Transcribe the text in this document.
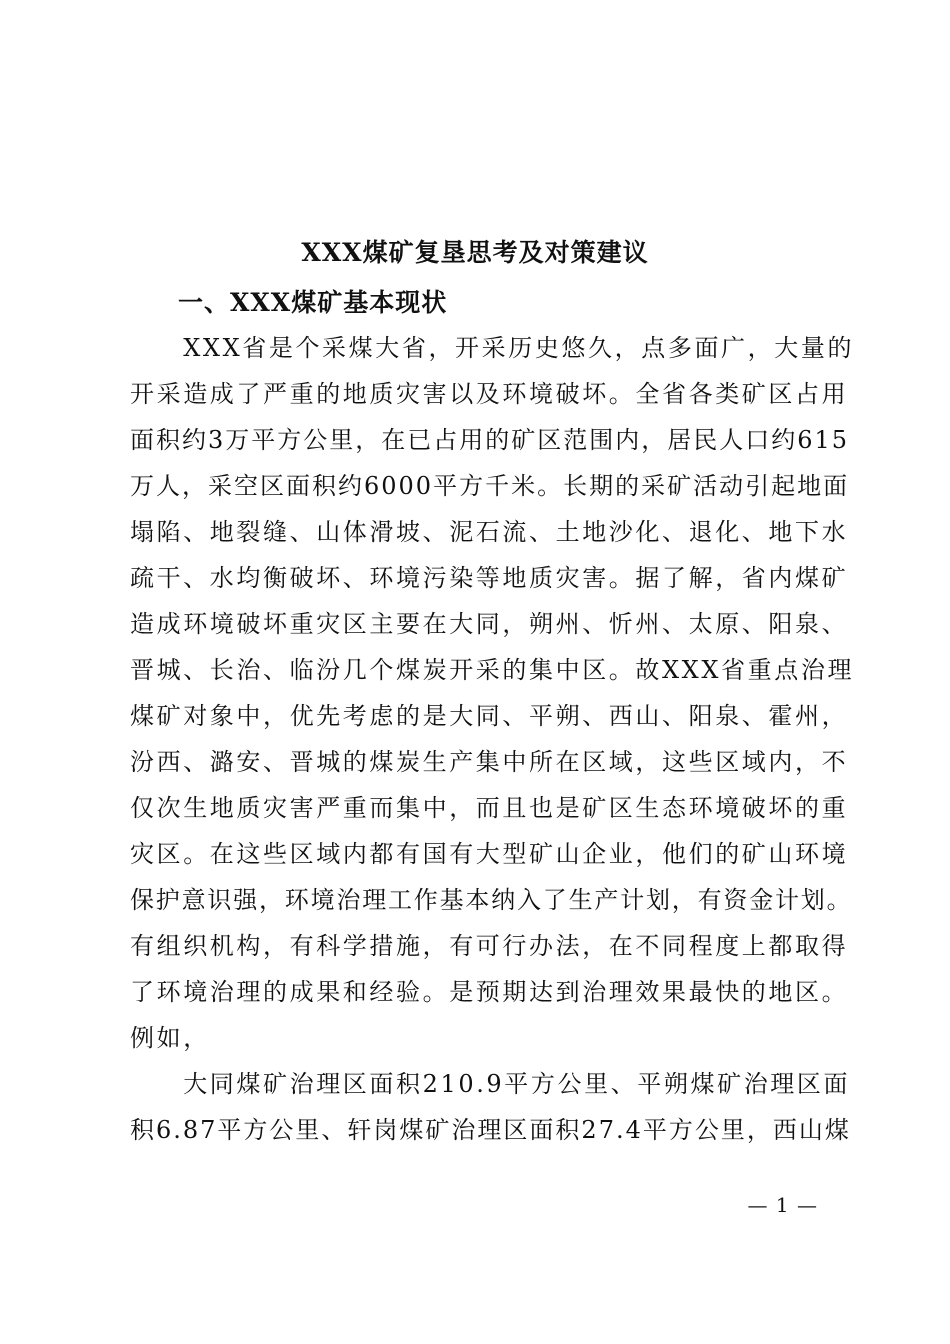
XXX煤矿复垦思考及对策建议
一、XXX煤矿基本现状
　　XXX省是个采煤大省，开采历史悠久，点多面广，大量的
开采造成了严重的地质灾害以及环境破坏。全省各类矿区占用
面积约3万平方公里，在已占用的矿区范围内，居民人口约615
万人，采空区面积约6000平方千米。长期的采矿活动引起地面
塌陷、地裂缝、山体滑坡、泥石流、土地沙化、退化、地下水
疏干、水均衡破坏、环境污染等地质灾害。据了解，省内煤矿
造成环境破坏重灾区主要在大同，朔州、忻州、太原、阳泉、
晋城、长治、临汾几个煤炭开采的集中区。故XXX省重点治理
煤矿对象中，优先考虑的是大同、平朔、西山、阳泉、霍州，
汾西、潞安、晋城的煤炭生产集中所在区域，这些区域内，不
仅次生地质灾害严重而集中，而且也是矿区生态环境破坏的重
灾区。在这些区域内都有国有大型矿山企业，他们的矿山环境
保护意识强，环境治理工作基本纳入了生产计划，有资金计划。
有组织机构，有科学措施，有可行办法，在不同程度上都取得
了环境治理的成果和经验。是预期达到治理效果最快的地区。
例如，
　　大同煤矿治理区面积210.9平方公里、平朔煤矿治理区面
积6.87平方公里、轩岗煤矿治理区面积27.4平方公里，西山煤
— 1 —
